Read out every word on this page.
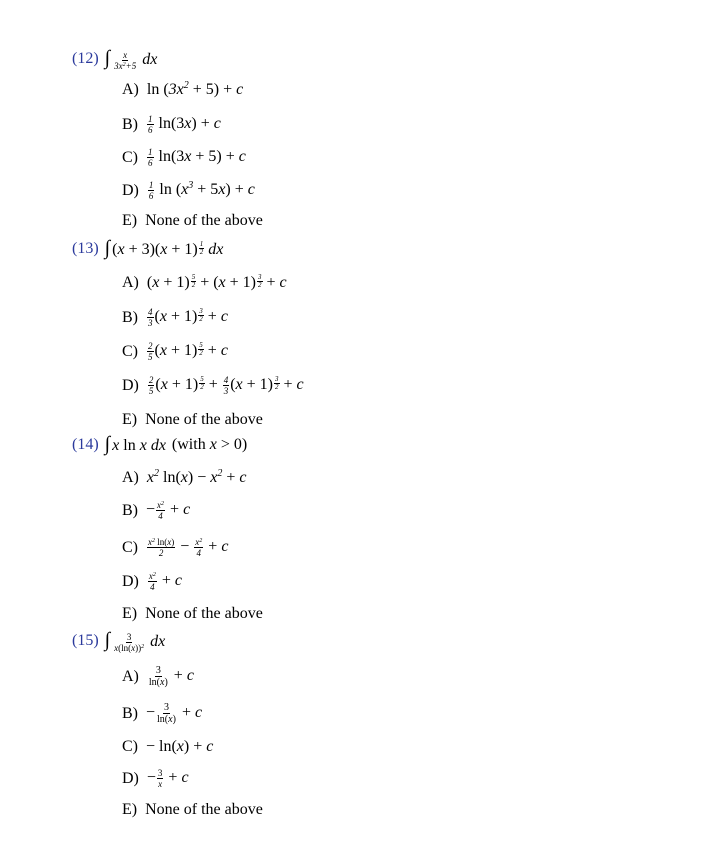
(12) ∫ $\frac{x}{3x^2+5}$ dx
A) $\ln (3x^2 + 5) + c$
$B) \frac{1}{6} \ln(3x) + c$
$C) \frac{1}{6} \ln(3x + 5) + c$
$D) \frac{1}{6}$ $\ln (x^3 + 5x) + c$
E) None of the above
(13) ∫ $(x + 3)(x + 1) \frac{1}{2}$ dx
A) $(x + 1) \frac{5}{2} + (x + 1) \frac{3}{2} + c$
$B) \frac{4}{3} (x + 1) \frac{3}{2} + c$
$C) \frac{2}{5} (x + 1) \frac{5}{2} + c$
$D) \frac{2}{5} (x + 1) \frac{5}{2} + \frac{4}{3} (x + 1) \frac{3}{2} + c$
E) None of the above
(14) ∫ x ln x dx (with x > 0)
A) $x^2$ $\ln(x) - x^2 + c$
$B) - \frac{x^2}{4} + c$
$C) \frac{x^2 \ln(x)}{2} - \frac{x^2}{4} + c$
$D) \frac{x^2}{4} + c$
E) None of the above
(15) ∫ $\frac{3}{x(\ln(x))^2}$ dx
$A) \frac{3}{\ln(x)} + c$
$B) - \frac{3}{\ln(x)} + c$
C) − ln(x) + c
$D) - \frac{3}{x} + c$
E) None of the above
